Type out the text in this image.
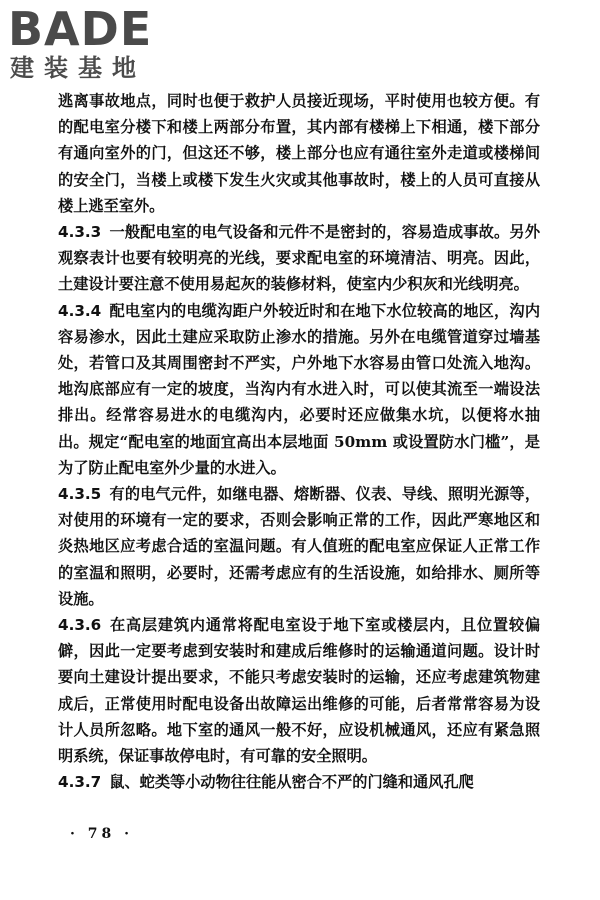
BADE
建装基地

逃离事故地点，同时也便于救护人员接近现场，平时使用也较方便。有的配电室分楼下和楼上两部分布置，其内部有楼梯上下相通，楼下部分有通向室外的门，但这还不够，楼上部分也应有通往室外走道或楼梯间的安全门，当楼上或楼下发生火灾或其他事故时，楼上的人员可直接从楼上逃至室外。

4.3.3 一般配电室的电气设备和元件不是密封的，容易造成事故。另外观察表计也要有较明亮的光线，要求配电室的环境清洁、明亮。因此，土建设计要注意不使用易起灰的装修材料，使室内少积灰和光线明亮。

4.3.4 配电室内的电缆沟距户外较近时和在地下水位较高的地区，沟内容易渗水，因此土建应采取防止渗水的措施。另外在电缆管道穿过墙基处，若管口及其周围密封不严实，户外地下水容易由管口处流入地沟。地沟底部应有一定的坡度，当沟内有水进入时，可以使其流至一端设法排出。经常容易进水的电缆沟内，必要时还应做集水坑，以便将水抽出。规定“配电室的地面宜高出本层地面 50mm 或设置防水门槛”，是为了防止配电室外少量的水进入。

4.3.5 有的电气元件，如继电器、熔断器、仪表、导线、照明光源等，对使用的环境有一定的要求，否则会影响正常的工作，因此严寒地区和炎热地区应考虑合适的室温问题。有人值班的配电室应保证人正常工作的室温和照明，必要时，还需考虑应有的生活设施，如给排水、厕所等设施。

4.3.6 在高层建筑内通常将配电室设于地下室或楼层内，且位置较偏僻，因此一定要考虑到安装时和建成后维修时的运输通道问题。设计时要向土建设计提出要求，不能只考虑安装时的运输，还应考虑建筑物建成后，正常使用时配电设备出故障运出维修的可能，后者常常容易为设计人员所忽略。地下室的通风一般不好，应设机械通风，还应有紧急照明系统，保证事故停电时，有可靠的安全照明。

4.3.7 鼠、蛇类等小动物往往能从密合不严的门缝和通风孔爬

· 78 ·
